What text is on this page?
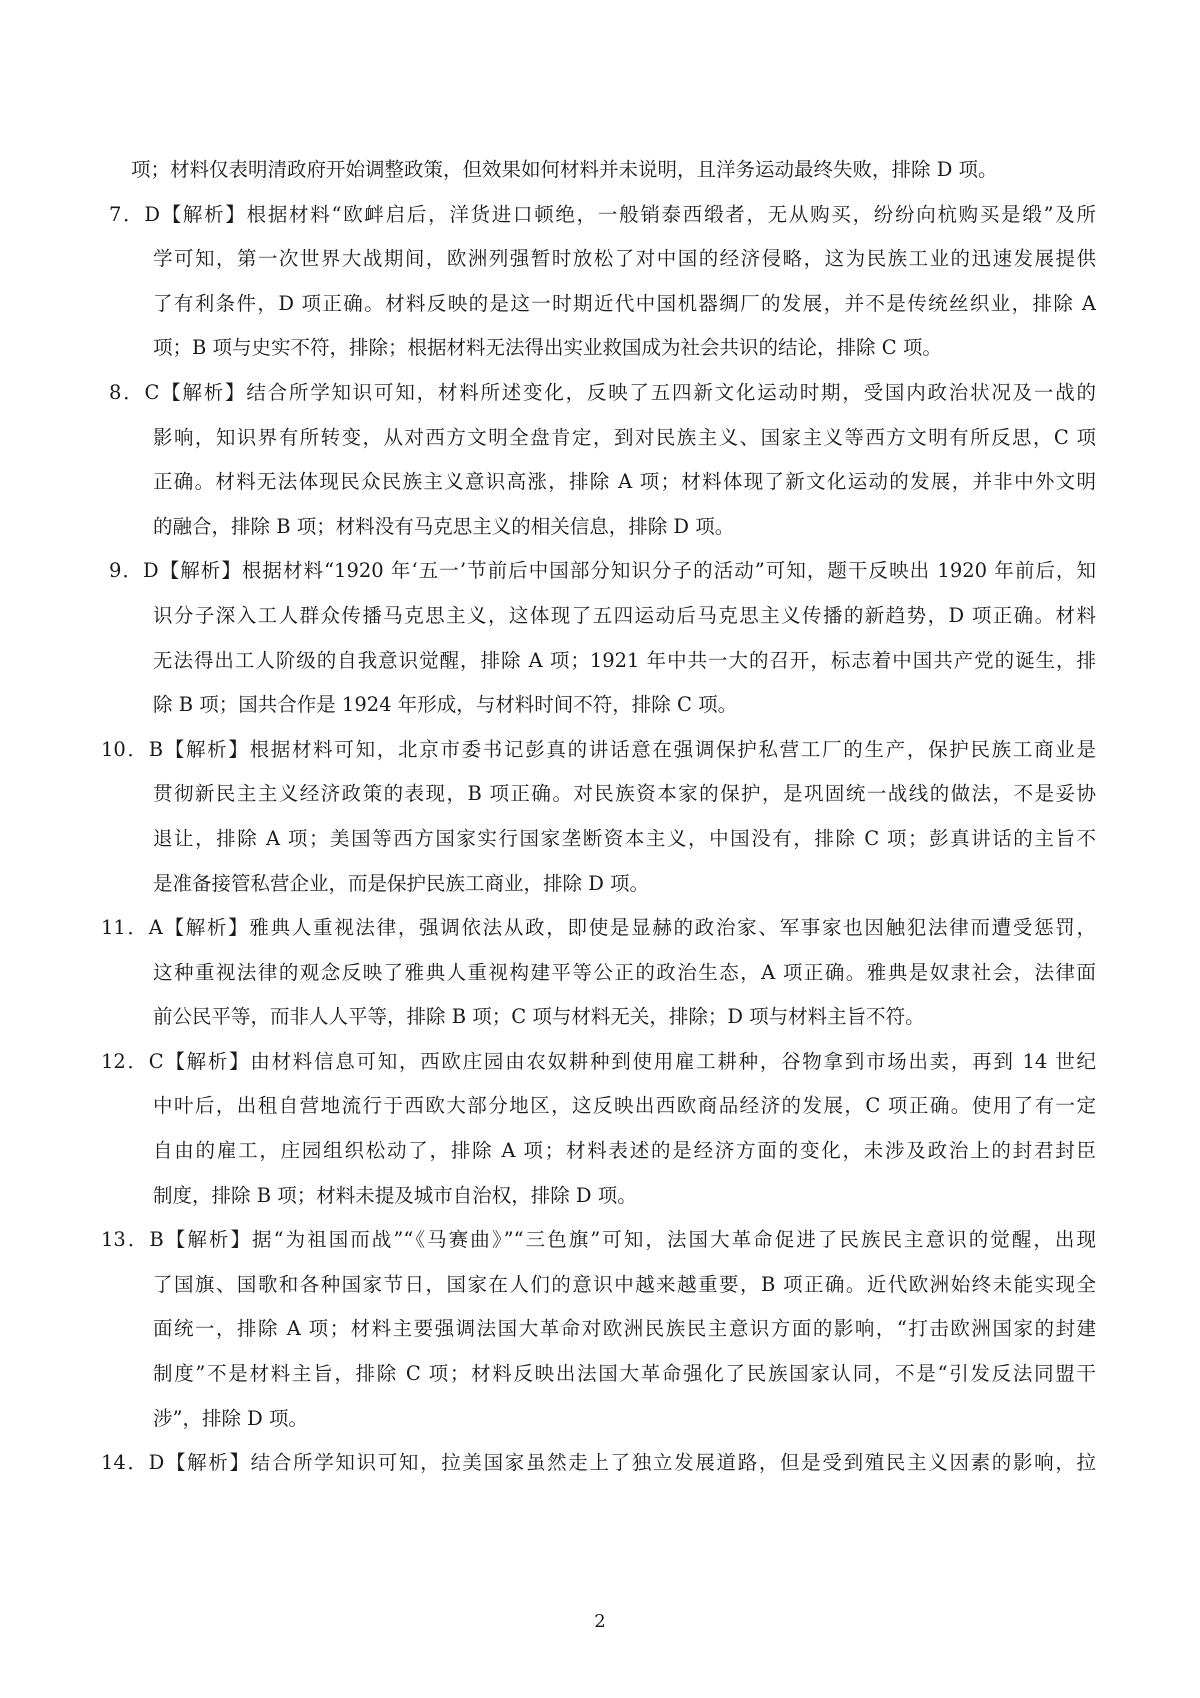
项；材料仅表明清政府开始调整政策，但效果如何材料并未说明，且洋务运动最终失败，排除 D 项。
7．D【解析】根据材料“欧衅启后，洋货进口顿绝，一般销泰西缎者，无从购买，纷纷向杭购买是缎”及所
学可知，第一次世界大战期间，欧洲列强暂时放松了对中国的经济侵略，这为民族工业的迅速发展提供
了有利条件，D 项正确。材料反映的是这一时期近代中国机器绸厂的发展，并不是传统丝织业，排除 A
项；B 项与史实不符，排除；根据材料无法得出实业救国成为社会共识的结论，排除 C 项。
8．C【解析】结合所学知识可知，材料所述变化，反映了五四新文化运动时期，受国内政治状况及一战的
影响，知识界有所转变，从对西方文明全盘肯定，到对民族主义、国家主义等西方文明有所反思，C 项
正确。材料无法体现民众民族主义意识高涨，排除 A 项；材料体现了新文化运动的发展，并非中外文明
的融合，排除 B 项；材料没有马克思主义的相关信息，排除 D 项。
9．D【解析】根据材料“1920 年‘五一’节前后中国部分知识分子的活动”可知，题干反映出 1920 年前后，知
识分子深入工人群众传播马克思主义，这体现了五四运动后马克思主义传播的新趋势，D 项正确。材料
无法得出工人阶级的自我意识觉醒，排除 A 项；1921 年中共一大的召开，标志着中国共产党的诞生，排
除 B 项；国共合作是 1924 年形成，与材料时间不符，排除 C 项。
10．B【解析】根据材料可知，北京市委书记彭真的讲话意在强调保护私营工厂的生产，保护民族工商业是
贯彻新民主主义经济政策的表现，B 项正确。对民族资本家的保护，是巩固统一战线的做法，不是妥协
退让，排除 A 项；美国等西方国家实行国家垄断资本主义，中国没有，排除 C 项；彭真讲话的主旨不
是准备接管私营企业，而是保护民族工商业，排除 D 项。
11．A【解析】雅典人重视法律，强调依法从政，即使是显赫的政治家、军事家也因触犯法律而遭受惩罚，
这种重视法律的观念反映了雅典人重视构建平等公正的政治生态，A 项正确。雅典是奴隶社会，法律面
前公民平等，而非人人平等，排除 B 项；C 项与材料无关，排除；D 项与材料主旨不符。
12．C【解析】由材料信息可知，西欧庄园由农奴耕种到使用雇工耕种，谷物拿到市场出卖，再到 14 世纪
中叶后，出租自营地流行于西欧大部分地区，这反映出西欧商品经济的发展，C 项正确。使用了有一定
自由的雇工，庄园组织松动了，排除 A 项；材料表述的是经济方面的变化，未涉及政治上的封君封臣
制度，排除 B 项；材料未提及城市自治权，排除 D 项。
13．B【解析】据“为祖国而战”“《马赛曲》”“三色旗”可知，法国大革命促进了民族民主意识的觉醒，出现
了国旗、国歌和各种国家节日，国家在人们的意识中越来越重要，B 项正确。近代欧洲始终未能实现全
面统一，排除 A 项；材料主要强调法国大革命对欧洲民族民主意识方面的影响，“打击欧洲国家的封建
制度”不是材料主旨，排除 C 项；材料反映出法国大革命强化了民族国家认同，不是“引发反法同盟干
涉”，排除 D 项。
14．D【解析】结合所学知识可知，拉美国家虽然走上了独立发展道路，但是受到殖民主义因素的影响，拉
2
